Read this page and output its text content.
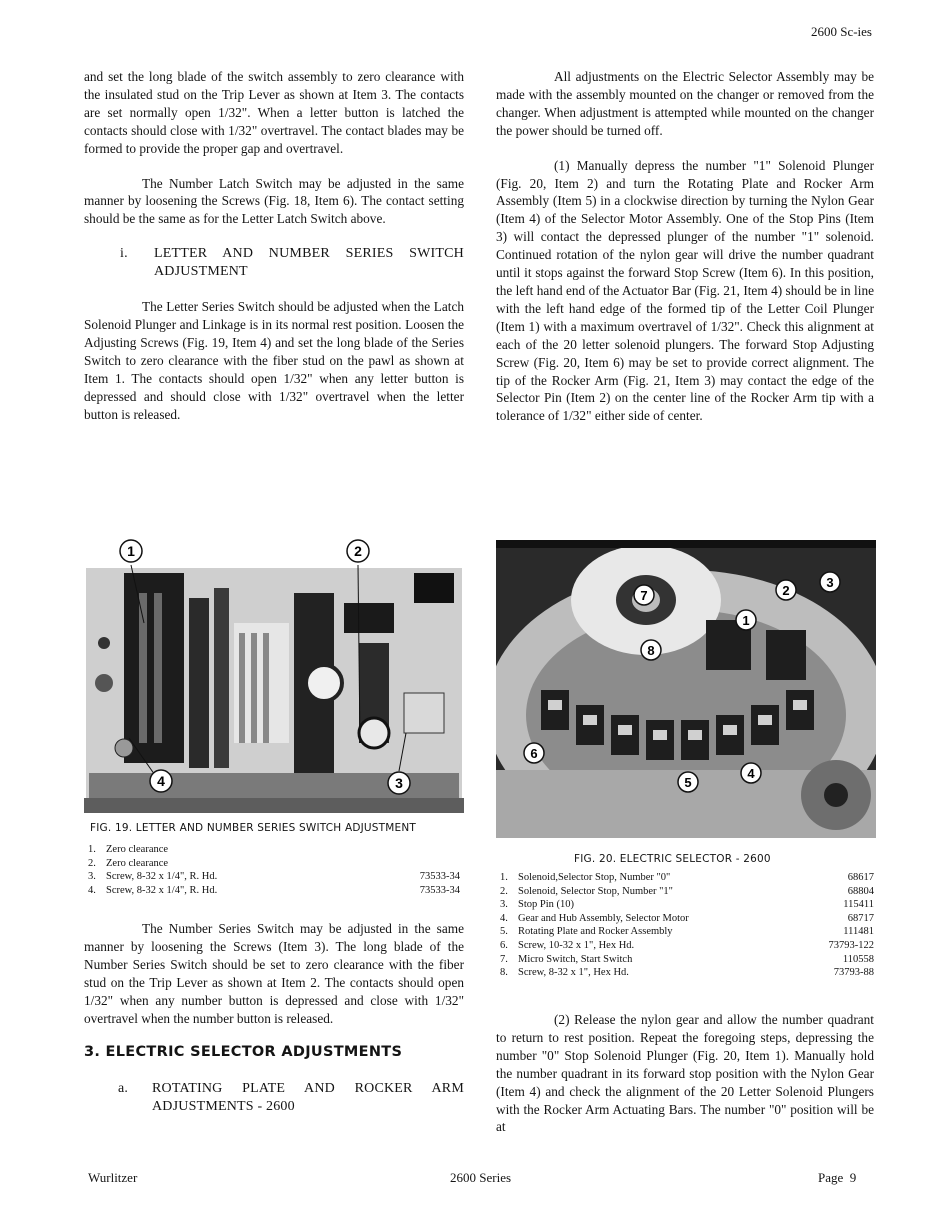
2600 Sc-ies

and set the long blade of the switch assembly to zero clearance with the insulated stud on the Trip Lever as shown at Item 3. The contacts are set normally open 1/32". When a letter button is latched the contacts should close with 1/32" overtravel. The contact blades may be formed to provide the proper gap and overtravel.

The Number Latch Switch may be adjusted in the same manner by loosening the Screws (Fig. 18, Item 6). The contact setting should be the same as for the Letter Latch Switch above.

i. LETTER AND NUMBER SERIES SWITCH ADJUSTMENT

The Letter Series Switch should be adjusted when the Latch Solenoid Plunger and Linkage is in its normal rest position. Loosen the Adjusting Screws (Fig. 19, Item 4) and set the long blade of the Series Switch to zero clearance with the fiber stud on the pawl as shown at Item 1. The contacts should open 1/32" when any letter button is depressed and should close with 1/32" overtravel when the letter button is released.

1	2
3
4
FIG. 19. LETTER AND NUMBER SERIES SWITCH ADJUSTMENT
1. Zero clearance
2. Zero clearance
3. Screw, 8-32 x 1/4", R. Hd.	73533-34
4. Screw, 8-32 x 1/4", R. Hd.	73533-34

The Number Series Switch may be adjusted in the same manner by loosening the Screws (Item 3). The long blade of the Number Series Switch should be set to zero clearance with the fiber stud on the Trip Lever as shown at Item 2. The contacts should open 1/32" when any number button is depressed and close with 1/32" overtravel when the number button is released.

3. ELECTRIC SELECTOR ADJUSTMENTS

a. ROTATING PLATE AND ROCKER ARM ADJUSTMENTS - 2600

All adjustments on the Electric Selector Assembly may be made with the assembly mounted on the changer or removed from the changer. When adjustment is attempted while mounted on the changer the power should be turned off.

(1) Manually depress the number "1" Solenoid Plunger (Fig. 20, Item 2) and turn the Rotating Plate and Rocker Arm Assembly (Item 5) in a clockwise direction by turning the Nylon Gear (Item 4) of the Selector Motor Assembly. One of the Stop Pins (Item 3) will contact the depressed plunger of the number "1" solenoid. Continued rotation of the nylon gear will drive the number quadrant until it stops against the forward Stop Screw (Item 6). In this position, the left hand end of the Actuator Bar (Fig. 21, Item 4) should be in line with the left hand edge of the formed tip of the Letter Coil Plunger (Item 1) with a maximum overtravel of 1/32". Check this alignment at each of the 20 letter solenoid plungers. The forward Stop Adjusting Screw (Fig. 20, Item 6) may be set to provide correct alignment. The tip of the Rocker Arm (Fig. 21, Item 3) may contact the edge of the Selector Pin (Item 2) on the center line of the Rocker Arm tip with a tolerance of 1/32" either side of center.

1
2
3
4
5
6
7
8
FIG. 20. ELECTRIC SELECTOR - 2600
1. Solenoid,Selector Stop, Number "0"	68617
2. Solenoid, Selector Stop, Number "1"	68804
3. Stop Pin (10)	115411
4. Gear and Hub Assembly, Selector Motor	68717
5. Rotating Plate and Rocker Assembly	111481
6. Screw, 10-32 x 1", Hex Hd.	73793-122
7. Micro Switch, Start Switch	110558
8. Screw, 8-32 x 1", Hex Hd.	73793-88

(2) Release the nylon gear and allow the number quadrant to return to rest position. Repeat the foregoing steps, depressing the number "0" Stop Solenoid Plunger (Fig. 20, Item 1). Manually hold the number quadrant in its forward stop position with the Nylon Gear (Item 4) and check the alignment of the 20 Letter Solenoid Plungers with the Rocker Arm Actuating Bars. The number "0" position will be at

Wurlitzer	2600 Series	Page 9
